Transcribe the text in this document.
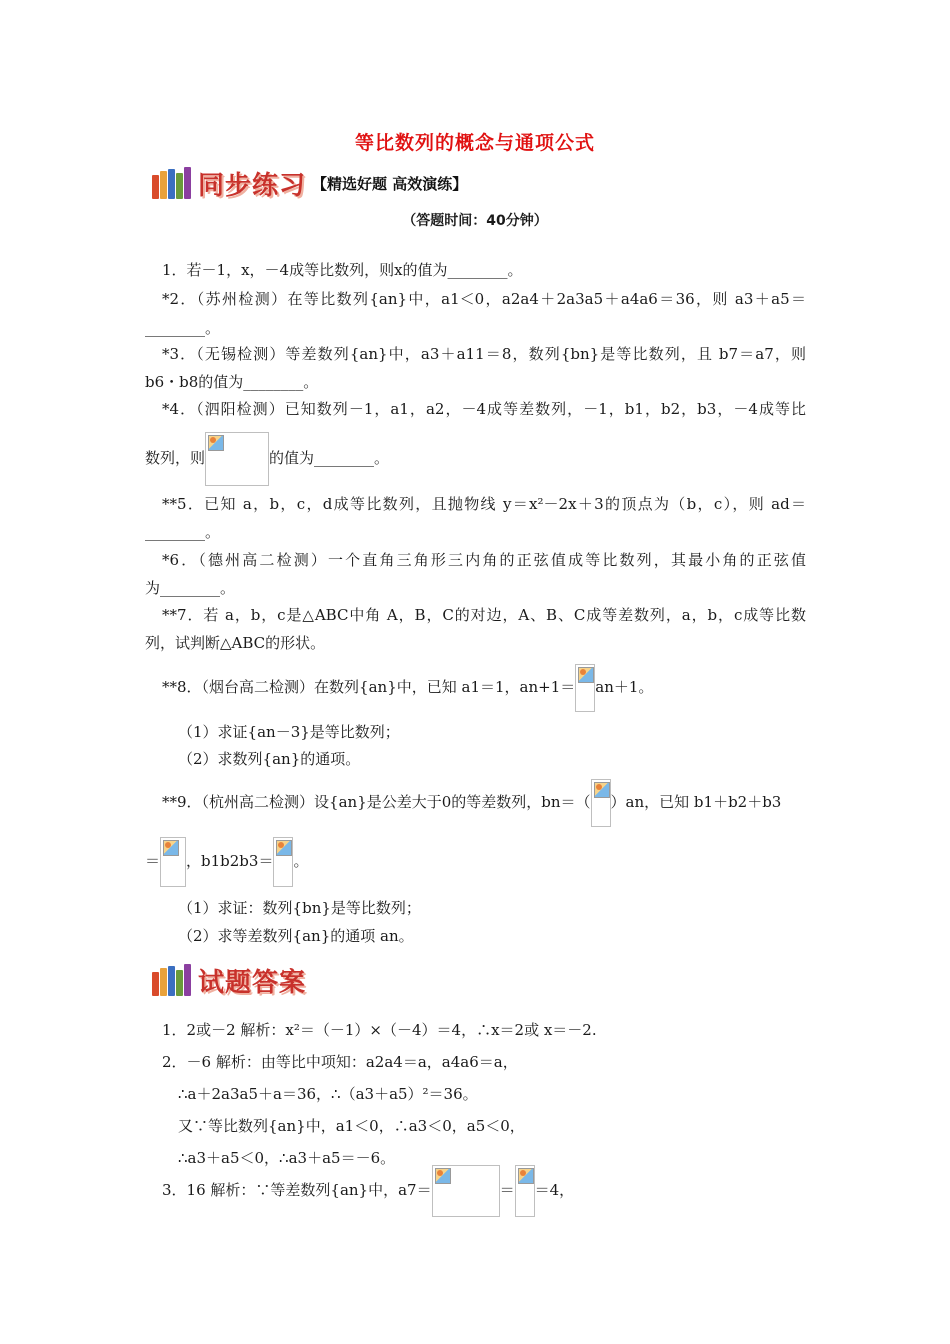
等比数列的概念与通项公式
同步练习 【精选好题 高效演练】
（答题时间：40分钟）
1．若－1，x，－4成等比数列，则x的值为________。
*2．（苏州检测）在等比数列{an}中，a1＜0，a2a4＋2a3a5＋a4a6＝36，则 a3＋a5＝
________。
*3．（无锡检测）等差数列{an}中，a3＋a11＝8，数列{bn}是等比数列，且 b7＝a7，则
b6・b8的值为________。
*4．（泗阳检测）已知数列－1，a1，a2，－4成等差数列，－1，b1，b2，b3，－4成等比
数列，则	的值为________。
**5．已知 a，b，c，d成等比数列，且抛物线 y＝x²－2x＋3的顶点为（b，c），则 ad＝
________。
*6．（德州高二检测）一个直角三角形三内角的正弦值成等比数列，其最小角的正弦值
为________。
**7．若 a，b，c是△ABC中角 A，B，C的对边，A、B、C成等差数列，a，b，c成等比数
列，试判断△ABC的形状。
**8．（烟台高二检测）在数列{an}中，已知 a1＝1，an+1＝ an＋1。
（1）求证{an－3}是等比数列；
（2）求数列{an}的通项。
**9．（杭州高二检测）设{an}是公差大于0的等差数列，bn＝（ ）an，已知 b1＋b2＋b3
＝ ，b1b2b3＝ 。
（1）求证：数列{bn}是等比数列；
（2）求等差数列{an}的通项 an。
试题答案
1．2或－2 解析：x²＝（－1）×（－4）＝4，∴x＝2或 x＝－2.
2．－6 解析：由等比中项知：a2a4＝a，a4a6＝a，
∴a＋2a3a5＋a＝36，∴（a3＋a5）²＝36。
又∵等比数列{an}中，a1＜0，∴a3＜0，a5＜0，
∴a3＋a5＜0，∴a3＋a5＝－6。
3．16 解析：∵等差数列{an}中，a7＝	＝ ＝4，
